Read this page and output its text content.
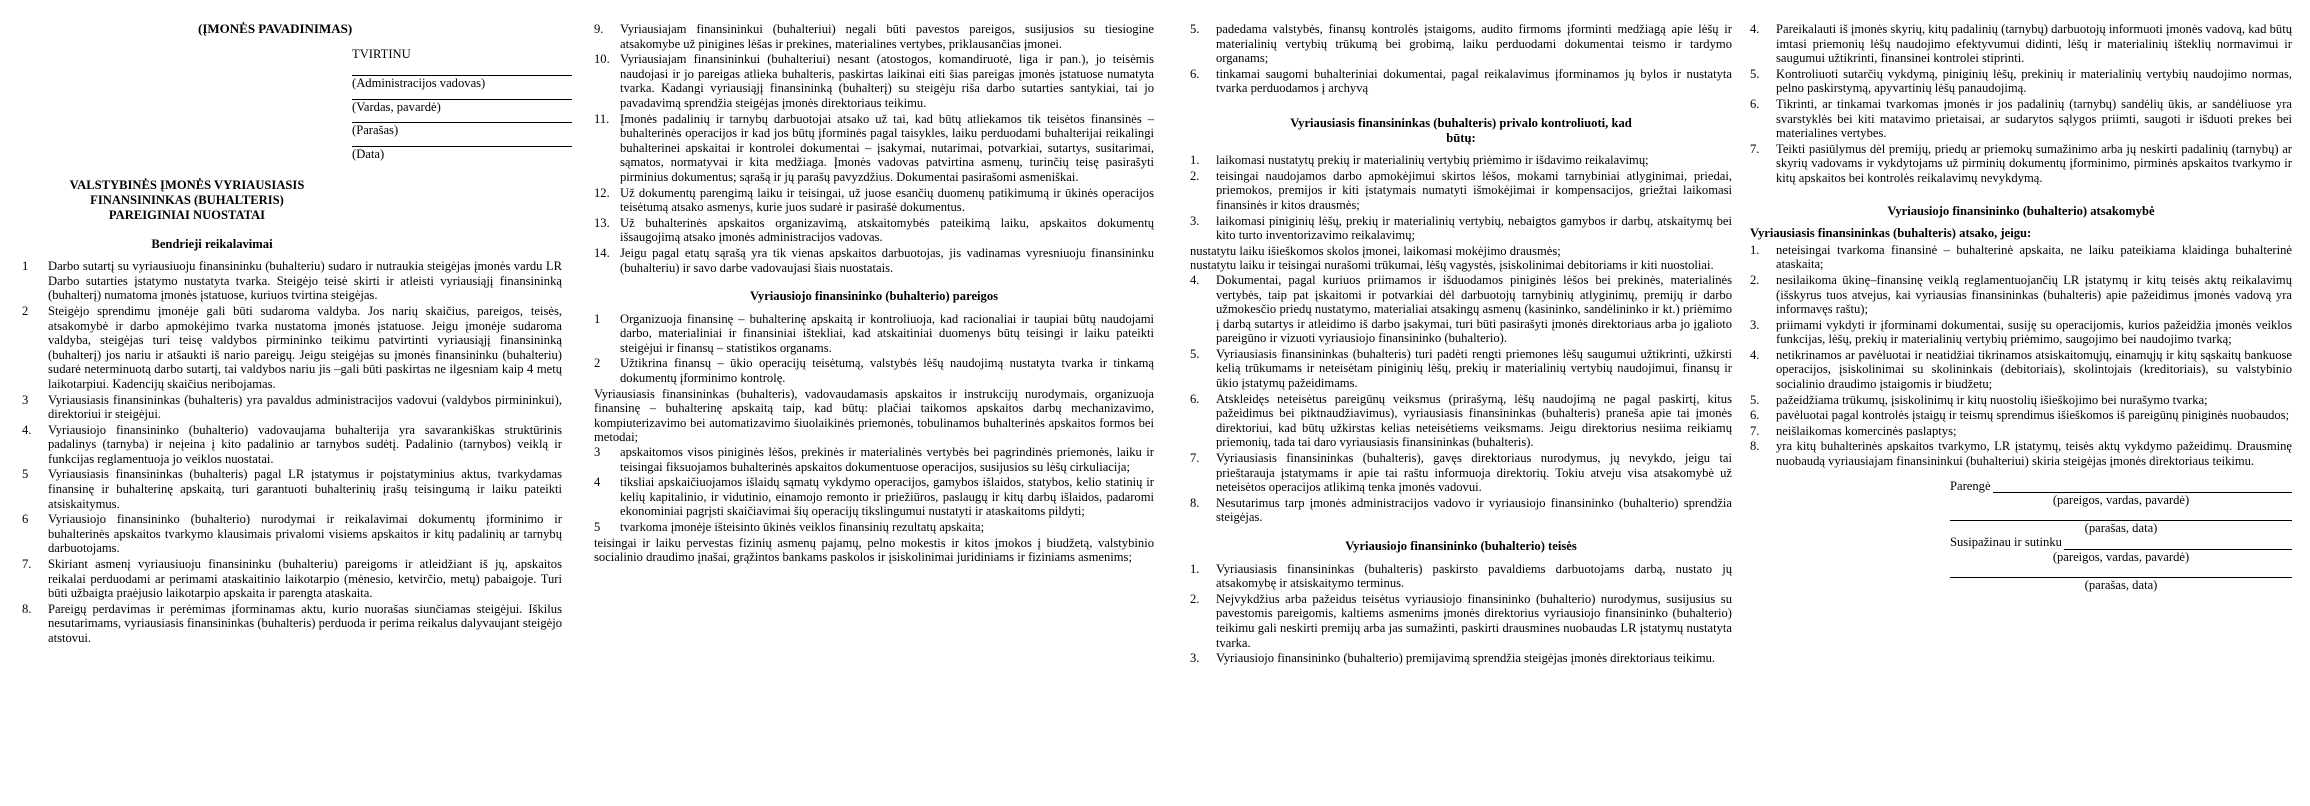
(ĮMONĖS PAVADINIMAS)

TVIRTINU

(Administracijos vadovas)

(Vardas, pavardė)

(Parašas)

(Data)

VALSTYBINĖS ĮMONĖS VYRIAUSIASIS
FINANSININKAS (BUHALTERIS)
PAREIGINIAI NUOSTATAI

Bendrieji reikalavimai

1 Darbo sutartį su vyriausiuoju finansininku (buhalteriu) sudaro ir nutraukia steigėjas įmonės vardu LR Darbo sutarties įstatymo nustatyta tvarka. Steigėjo teisė skirti ir atleisti vyriausiąjį finansininką (buhalterį) numatoma įmonės įstatuose, kuriuos tvirtina steigėjas.
2 Steigėjo sprendimu įmonėje gali būti sudaroma valdyba. Jos narių skaičius, pareigos, teisės, atsakomybė ir darbo apmokėjimo tvarka nustatoma įmonės įstatuose. Jeigu įmonėje sudaroma valdyba, steigėjas turi teisę valdybos pirmininko teikimu patvirtinti vyriausiąjį finansininką (buhalterį) jos nariu ir atšaukti iš nario pareigų. Jeigu steigėjas su įmonės finansininku (buhalteriu) sudarė neterminuotą darbo sutartį, tai valdybos nariu jis –gali būti paskirtas ne ilgesniam kaip 4 metų laikotarpiui. Kadencijų skaičius neribojamas.
3 Vyriausiasis finansininkas (buhalteris) yra pavaldus administracijos vadovui (valdybos pirmininkui), direktoriui ir steigėjui.
4. Vyriausiojo finansininko (buhalterio) vadovaujama buhalterija yra savarankiškas struktūrinis padalinys (tarnyba) ir neįeina į kito padalinio ar tarnybos sudėtį. Padalinio (tarnybos) veiklą ir funkcijas reglamentuoja jo veiklos nuostatai.
5 Vyriausiasis finansininkas (buhalteris) pagal LR įstatymus ir poįstatyminius aktus, tvarkydamas finansinę ir buhalterinę apskaitą, turi garantuoti buhalterinių įrašų teisingumą ir laiku pateikti atsiskaitymus.
6 Vyriausiojo finansininko (buhalterio) nurodymai ir reikalavimai dokumentų įforminimo ir buhalterinės apskaitos tvarkymo klausimais privalomi visiems apskaitos ir kitų padalinių ar tarnybų darbuotojams.
7. Skiriant asmenį vyriausiuoju finansininku (buhalteriu) pareigoms ir atleidžiant iš jų, apskaitos reikalai perduodami ar perimami ataskaitinio laikotarpio (mėnesio, ketvirčio, metų) pabaigoje. Turi būti užbaigta praėjusio laikotarpio apskaita ir parengta ataskaita.
8. Pareigų perdavimas ir perėmimas įforminamas aktu, kurio nuorašas siunčiamas steigėjui. Iškilus nesutarimams, vyriausiasis finansininkas (buhalteris) perduoda ir perima reikalus dalyvaujant steigėjo atstovui.
9. Vyriausiajam finansininkui (buhalteriui) negali būti pavestos pareigos, susijusios su tiesiogine atsakomybe už pinigines lėšas ir prekines, materialines vertybes, priklausančias įmonei.
10. Vyriausiajam finansininkui (buhalteriui) nesant (atostogos, komandiruotė, liga ir pan.), jo teisėmis naudojasi ir jo pareigas atlieka buhalteris, paskirtas laikinai eiti šias pareigas įmonės įstatuose numatyta tvarka. Kadangi vyriausiąjį finansininką (buhalterį) su steigėju riša darbo sutarties santykiai, tai jo pavadavimą sprendžia steigėjas įmonės direktoriaus teikimu.
11. Įmonės padalinių ir tarnybų darbuotojai atsako už tai, kad būtų atliekamos tik teisėtos finansinės – buhalterinės operacijos ir kad jos būtų įforminės pagal taisykles, laiku perduodami buhalterijai reikalingi buhalterinei apskaitai ir kontrolei dokumentai – įsakymai, nutarimai, potvarkiai, sutartys, susitarimai, sąmatos, normatyvai ir kita medžiaga. Įmonės vadovas patvirtina asmenų, turinčių teisę pasirašyti pirminius dokumentus; sąrašą ir jų parašų pavyzdžius. Dokumentai pasirašomi asmeniškai.
12. Už dokumentų parengimą laiku ir teisingai, už juose esančių duomenų patikimumą ir ūkinės operacijos teisėtumą atsako asmenys, kurie juos sudarė ir pasirašė dokumentus.
13. Už buhalterinės apskaitos organizavimą, atskaitomybės pateikimą laiku, apskaitos dokumentų išsaugojimą atsako įmonės administracijos vadovas.
14. Jeigu pagal etatų sąrašą yra tik vienas apskaitos darbuotojas, jis vadinamas vyresniuoju finansininku (buhalteriu) ir savo darbe vadovaujasi šiais nuostatais.

Vyriausiojo finansininko (buhalterio) pareigos

1 Organizuoja finansinę – buhalterinę apskaitą ir kontroliuoja, kad racionaliai ir taupiai būtų naudojami darbo, materialiniai ir finansiniai ištekliai, kad atskaitiniai duomenys būtų teisingi ir laiku pateikti steigėjui ir finansų – statistikos organams.
2 Užtikrina finansų – ūkio operacijų teisėtumą, valstybės lėšų naudojimą nustatyta tvarka ir tinkamą dokumentų įforminimo kontrolę.

Vyriausiasis finansininkas (buhalteris), vadovaudamasis apskaitos ir instrukcijų nurodymais, organizuoja finansinę – buhalterinę apskaitą taip, kad būtų: plačiai taikomos apskaitos darbų mechanizavimo, kompiuterizavimo bei automatizavimo šiuolaikinės priemonės, tobulinamos buhalterinės apskaitos formos bei metodai;

3 apskaitomos visos piniginės lėšos, prekinės ir materialinės vertybės bei pagrindinės priemonės, laiku ir teisingai fiksuojamos buhalterinės apskaitos dokumentuose operacijos, susijusios su lėšų cirkuliacija;
4 tiksliai apskaičiuojamos išlaidų sąmatų vykdymo operacijos, gamybos išlaidos, statybos, kelio statinių ir kelių kapitalinio, ir vidutinio, einamojo remonto ir priežiūros, paslaugų ir kitų darbų išlaidos, padaromi ekonominiai pagrįsti skaičiavimai šių operacijų tikslingumui nustatyti ir ataskaitoms pildyti;
5 tvarkoma įmonėje išteisinto ūkinės veiklos finansinių rezultatų apskaita;

teisingai ir laiku pervestas fizinių asmenų pajamų, pelno mokestis ir kitos įmokos į biudžetą, valstybinio socialinio draudimo įnašai, grąžintos bankams paskolos ir įsiskolinimai juridiniams ir fiziniams asmenims;

5. padedama valstybės, finansų kontrolės įstaigoms, audito firmoms įforminti medžiagą apie lėšų ir materialinių vertybių trūkumą bei grobimą, laiku perduodami dokumentai teismo ir tardymo organams;
6. tinkamai saugomi buhalteriniai dokumentai, pagal reikalavimus įforminamos jų bylos ir nustatyta tvarka perduodamos į archyvą
Vyriausiasis finansininkas (buhalteris) privalo kontroliuoti, kad
būtų:
1. laikomasi nustatytų prekių ir materialinių vertybių priėmimo ir išdavimo reikalavimų;
2. teisingai naudojamos darbo apmokėjimui skirtos lėšos, mokami tarnybiniai atlyginimai, priedai, priemokos, premijos ir kiti įstatymais numatyti išmokėjimai ir kompensacijos, griežtai laikomasi finansinės ir kitos drausmės;
3. laikomasi piniginių lėšų, prekių ir materialinių vertybių, nebaigtos gamybos ir darbų, atskaitymų bei kito turto inventorizavimo reikalavimų;

nustatytu laiku išieškomos skolos įmonei, laikomasi mokėjimo drausmės;

nustatytu laiku ir teisingai nurašomi trūkumai, lėšų vagystės, įsiskolinimai debitoriams ir kiti nuostoliai.

4. Dokumentai, pagal kuriuos priimamos ir išduodamos piniginės lėšos bei prekinės, materialinės vertybės, taip pat įskaitomi ir potvarkiai dėl darbuotojų tarnybinių atlyginimų, premijų ir darbo užmokesčio priedų nustatymo, materialiai atsakingų asmenų (kasininko, sandėlininko ir kt.) priėmimo į darbą sutartys ir atleidimo iš darbo įsakymai, turi būti pasirašyti įmonės direktoriaus arba jo įgalioto pareigūno ir vizuoti vyriausiojo finansininko (buhalterio).
5. Vyriausiasis finansininkas (buhalteris) turi padėti rengti priemones lėšų saugumui užtikrinti, užkirsti kelią trūkumams ir neteisėtam piniginių lėšų, prekių ir materialinių vertybių naudojimui, finansų ir ūkio įstatymų pažeidimams.
6. Atskleidęs neteisėtus pareigūnų veiksmus (prirašymą, lėšų naudojimą ne pagal paskirtį, kitus pažeidimus bei piktnaudžiavimus), vyriausiasis finansininkas (buhalteris) praneša apie tai įmonės direktoriui, kad būtų užkirstas kelias neteisėtiems veiksmams. Jeigu direktorius nesiima reikiamų priemonių, tada tai daro vyriausiasis finansininkas (buhalteris).
7. Vyriausiasis finansininkas (buhalteris), gavęs direktoriaus nurodymus, jų nevykdo, jeigu tai prieštarauja įstatymams ir apie tai raštu informuoja direktorių. Tokiu atveju visa atsakomybė už neteisėtos operacijos atlikimą tenka įmonės vadovui.
8. Nesutarimus tarp įmonės administracijos vadovo ir vyriausiojo finansininko (buhalterio) sprendžia steigėjas.

Vyriausiojo finansininko (buhalterio) teisės

1. Vyriausiasis finansininkas (buhalteris) paskirsto pavaldiems darbuotojams darbą, nustato jų atsakomybę ir atsiskaitymo terminus.
2. Nejvykdžius arba pažeidus teisėtus vyriausiojo finansininko (buhalterio) nurodymus, susijusius su pavestomis pareigomis, kaltiems asmenims įmonės direktorius vyriausiojo finansininko (buhalterio) teikimu gali neskirti premijų arba jas sumažinti, paskirti drausmines nuobaudas LR įstatymų nustatyta tvarka.
3. Vyriausiojo finansininko (buhalterio) premijavimą sprendžia steigėjas įmonės direktoriaus teikimu.
4. Pareikalauti iš įmonės skyrių, kitų padalinių (tarnybų) darbuotojų informuoti įmonės vadovą, kad būtų imtasi priemonių lėšų naudojimo efektyvumui didinti, lėšų ir materialinių išteklių normavimui ir saugumui užtikrinti, finansinei kontrolei stiprinti.
5. Kontroliuoti sutarčių vykdymą, piniginių lėšų, prekinių ir materialinių vertybių naudojimo normas, pelno paskirstymą, apyvartinių lėšų panaudojimą.
6. Tikrinti, ar tinkamai tvarkomas įmonės ir jos padalinių (tarnybų) sandėlių ūkis, ar sandėliuose yra svarstyklės bei kiti matavimo prietaisai, ar sudarytos sąlygos priimti, saugoti ir išduoti prekes bei materialines vertybes.
7. Teikti pasiūlymus dėl premijų, priedų ar priemokų sumažinimo arba jų neskirti padalinių (tarnybų) ar skyrių vadovams ir vykdytojams už pirminių dokumentų įforminimo, pirminės apskaitos tvarkymo ir kitų apskaitos bei kontrolės reikalavimų nevykdymą.

Vyriausiojo finansininko (buhalterio) atsakomybė

Vyriausiasis finansininkas (buhalteris) atsako, jeigu:

1. neteisingai tvarkoma finansinė – buhalterinė apskaita, ne laiku pateikiama klaidinga buhalterinė ataskaita;
2. nesilaikoma ūkinę–finansinę veiklą reglamentuojančių LR įstatymų ir kitų teisės aktų reikalavimų (išskyrus tuos atvejus, kai vyriausias finansininkas (buhalteris) apie pažeidimus įmonės vadovą yra informavęs raštu);
3. priimami vykdyti ir įforminami dokumentai, susiję su operacijomis, kurios pažeidžia įmonės veiklos funkcijas, lėšų, prekių ir materialinių vertybių priėmimo, saugojimo bei naudojimo tvarką;
4. netikrinamos ar pavėluotai ir neatidžiai tikrinamos atsiskaitomųjų, einamųjų ir kitų sąskaitų bankuose operacijos, įsiskolinimai su skolininkais (debitoriais), skolintojais (kreditoriais), su valstybinio socialinio draudimo įstaigomis ir biudžetu;
5. pažeidžiama trūkumų, įsiskolinimų ir kitų nuostolių išieškojimo bei nurašymo tvarka;
6. pavėluotai pagal kontrolės įstaigų ir teismų sprendimus išieškomos iš pareigūnų piniginės nuobaudos;
7. neišlaikomas komercinės paslaptys;
8. yra kitų buhalterinės apskaitos tvarkymo, LR įstatymų, teisės aktų vykdymo pažeidimų. Drausminę nuobaudą vyriausiajam finansininkui (buhalteriui) skiria steigėjas įmonės direktoriaus teikimu.
Parengė

(pareigos, vardas, pavardė)

(parašas, data)

Susipažinau ir sutinku

(pareigos, vardas, pavardė)

(parašas, data)
